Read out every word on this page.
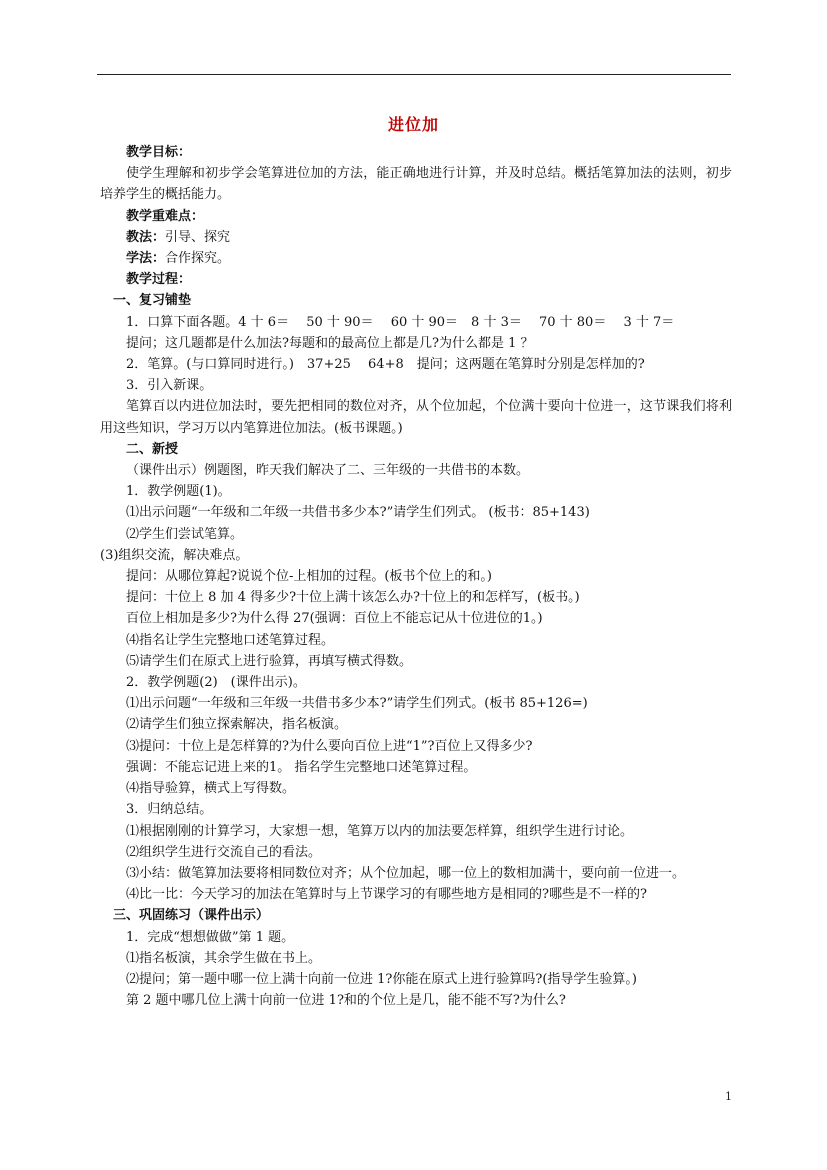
进位加
教学目标：
使学生理解和初步学会笔算进位加的方法，能正确地进行计算，并及时总结。概括笔算加法的法则，初步培养学生的概括能力。
教学重难点：
教法：引导、探究
学法：合作探究。
教学过程：
一、复习铺垫
1．口算下面各题。4 十 6＝　 50 十 90＝　 60 十 90＝　8 十 3＝　 70 十 80＝　 3 十 7＝
提问；这几题都是什么加法?每题和的最高位上都是几?为什么都是 1 ？
2．笔算。(与口算同时进行。)　37+25　 64+8　提问；这两题在笔算时分别是怎样加的?
3．引入新课。
笔算百以内进位加法时，要先把相同的数位对齐，从个位加起，个位满十要向十位进一，这节课我们将利用这些知识，学习万以内笔算进位加法。(板书课题。)
二、新授
（课件出示）例题图，昨天我们解决了二、三年级的一共借书的本数。
1．教学例题(1)。
⑴出示问题“一年级和二年级一共借书多少本?”请学生们列式。 (板书：85+143)
⑵学生们尝试笔算。
(3)组织交流，解决难点。
提问：从哪位算起?说说个位-上相加的过程。(板书个位上的和。)
提问：十位上 8 加 4 得多少?十位上满十该怎么办?十位上的和怎样写，(板书。)
百位上相加是多少?为什么得 27(强调：百位上不能忘记从十位进位的1。)
⑷指名让学生完整地口述笔算过程。
⑸请学生们在原式上进行验算，再填写横式得数。
2．教学例题(2)　(课件出示)。
⑴出示问题“一年级和三年级一共借书多少本?”请学生们列式。(板书 85+126=)
⑵请学生们独立探索解决，指名板演。
⑶提问：十位上是怎样算的?为什么要向百位上进“1”?百位上又得多少?
强调：不能忘记进上来的1。 指名学生完整地口述笔算过程。
⑷指导验算，横式上写得数。
3．归纳总结。
⑴根据刚刚的计算学习，大家想一想，笔算万以内的加法要怎样算，组织学生进行讨论。
⑵组织学生进行交流自己的看法。
⑶小结：做笔算加法要将相同数位对齐；从个位加起，哪一位上的数相加满十，要向前一位进一。
⑷比一比：今天学习的加法在笔算时与上节课学习的有哪些地方是相同的?哪些是不一样的?
三、巩固练习（课件出示）
1．完成“想想做做”第 1 题。
⑴指名板演，其余学生做在书上。
⑵提问；第一题中哪一位上满十向前一位进 1?你能在原式上进行验算吗?(指导学生验算。)
第 2 题中哪几位上满十向前一位进 1?和的个位上是几，能不能不写?为什么?
1
